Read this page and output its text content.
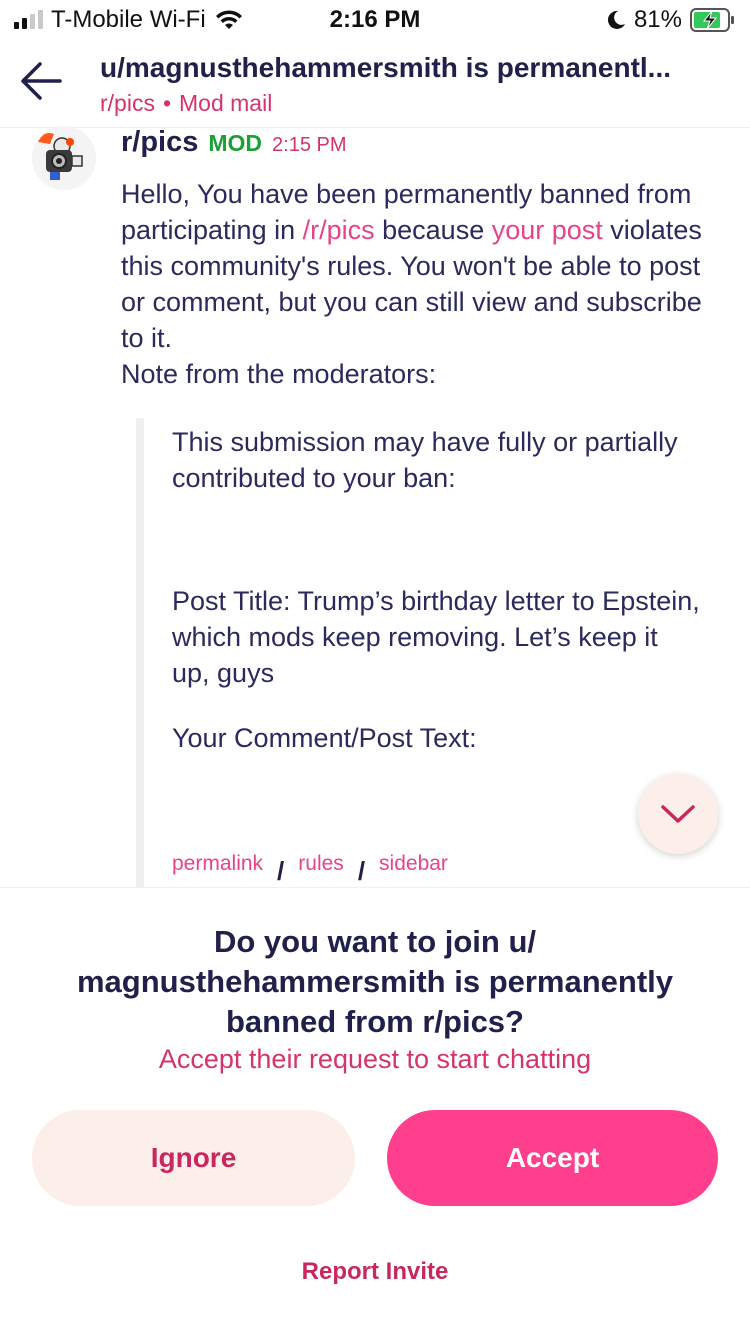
T-Mobile Wi-Fi	2:16 PM	81%
u/magnusthehammersmith is permanentl...
r/pics • Mod mail
r/pics MOD 2:15 PM
Hello, You have been permanently banned from participating in /r/pics because your post violates this community's rules. You won't be able to post or comment, but you can still view and subscribe to it.
Note from the moderators:

This submission may have fully or partially contributed to your ban:

Post Title: Trump’s birthday letter to Epstein, which mods keep removing. Let’s keep it up, guys

Your Comment/Post Text:

permalink / rules / sidebar
Do you want to join u/ magnusthehammersmith is permanently banned from r/pics?
Accept their request to start chatting
Ignore	Accept
Report Invite
